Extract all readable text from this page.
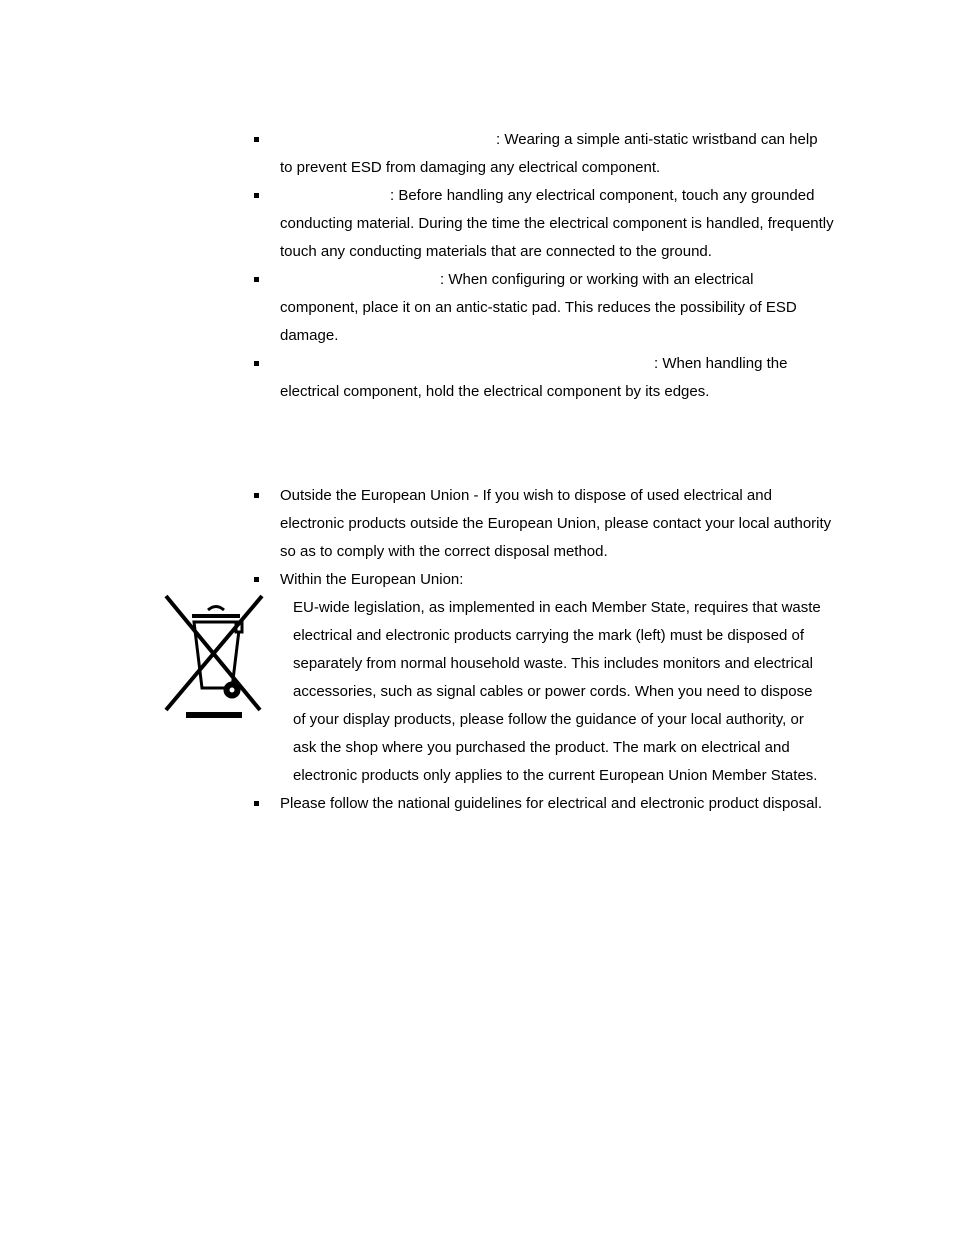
: Wearing a simple anti-static wristband can help to prevent ESD from damaging any electrical component.
: Before handling any electrical component, touch any grounded conducting material. During the time the electrical component is handled, frequently touch any conducting materials that are connected to the ground.
: When configuring or working with an electrical component, place it on an antic-static pad. This reduces the possibility of ESD damage.
: When handling the electrical component, hold the electrical component by its edges.
Outside the European Union - If you wish to dispose of used electrical and electronic products outside the European Union, please contact your local authority so as to comply with the correct disposal method.
Within the European Union:
EU-wide legislation, as implemented in each Member State, requires that waste electrical and electronic products carrying the mark (left) must be disposed of separately from normal household waste. This includes monitors and electrical accessories, such as signal cables or power cords. When you need to dispose of your display products, please follow the guidance of your local authority, or ask the shop where you purchased the product. The mark on electrical and electronic products only applies to the current European Union Member States.
Please follow the national guidelines for electrical and electronic product disposal.
